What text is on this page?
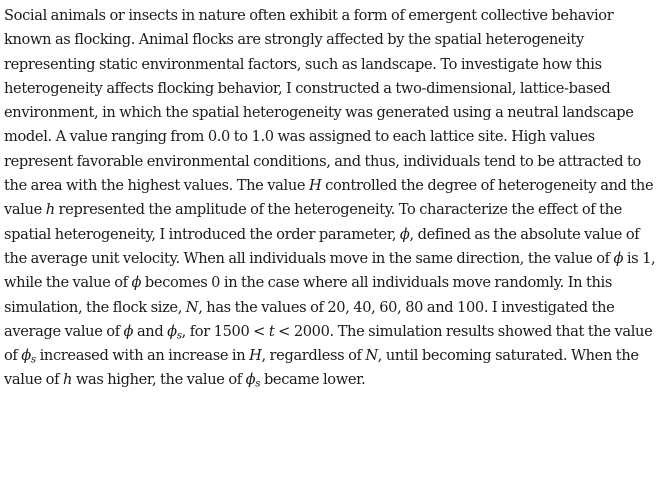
Social animals or insects in nature often exhibit a form of emergent collective behavior known as flocking. Animal flocks are strongly affected by the spatial heterogeneity representing static environmental factors, such as landscape. To investigate how this heterogeneity affects flocking behavior, I constructed a two-dimensional, lattice-based environment, in which the spatial heterogeneity was generated using a neutral landscape model. A value ranging from 0.0 to 1.0 was assigned to each lattice site. High values represent favorable environmental conditions, and thus, individuals tend to be attracted to the area with the highest values. The value H controlled the degree of heterogeneity and the value h represented the amplitude of the heterogeneity. To characterize the effect of the spatial heterogeneity, I introduced the order parameter, ϕ, defined as the absolute value of the average unit velocity. When all individuals move in the same direction, the value of ϕ is 1, while the value of ϕ becomes 0 in the case where all individuals move randomly. In this simulation, the flock size, N, has the values of 20, 40, 60, 80 and 100. I investigated the average value of ϕ and $\phi_s$, for 1500 < t < 2000. The simulation results showed that the value of $\phi_s$ increased with an increase in H, regardless of N, until becoming saturated. When the value of h was higher, the value of $\phi_s$ became lower.
